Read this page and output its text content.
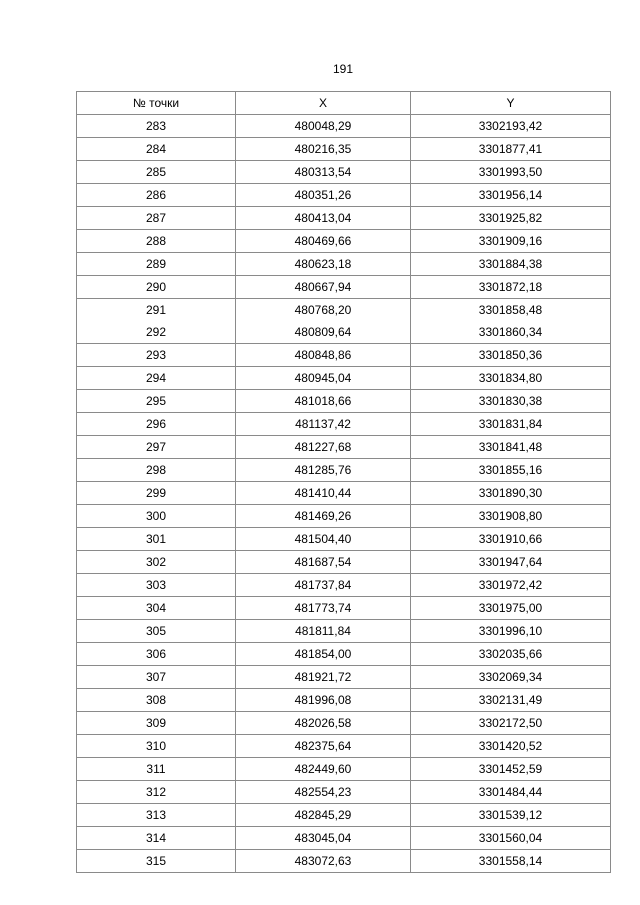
191
№ точки	X	Y
283	480048,29	3302193,42
284	480216,35	3301877,41
285	480313,54	3301993,50
286	480351,26	3301956,14
287	480413,04	3301925,82
288	480469,66	3301909,16
289	480623,18	3301884,38
290	480667,94	3301872,18
291	480768,20	3301858,48
292	480809,64	3301860,34
293	480848,86	3301850,36
294	480945,04	3301834,80
295	481018,66	3301830,38
296	481137,42	3301831,84
297	481227,68	3301841,48
298	481285,76	3301855,16
299	481410,44	3301890,30
300	481469,26	3301908,80
301	481504,40	3301910,66
302	481687,54	3301947,64
303	481737,84	3301972,42
304	481773,74	3301975,00
305	481811,84	3301996,10
306	481854,00	3302035,66
307	481921,72	3302069,34
308	481996,08	3302131,49
309	482026,58	3302172,50
310	482375,64	3301420,52
311	482449,60	3301452,59
312	482554,23	3301484,44
313	482845,29	3301539,12
314	483045,04	3301560,04
315	483072,63	3301558,14
